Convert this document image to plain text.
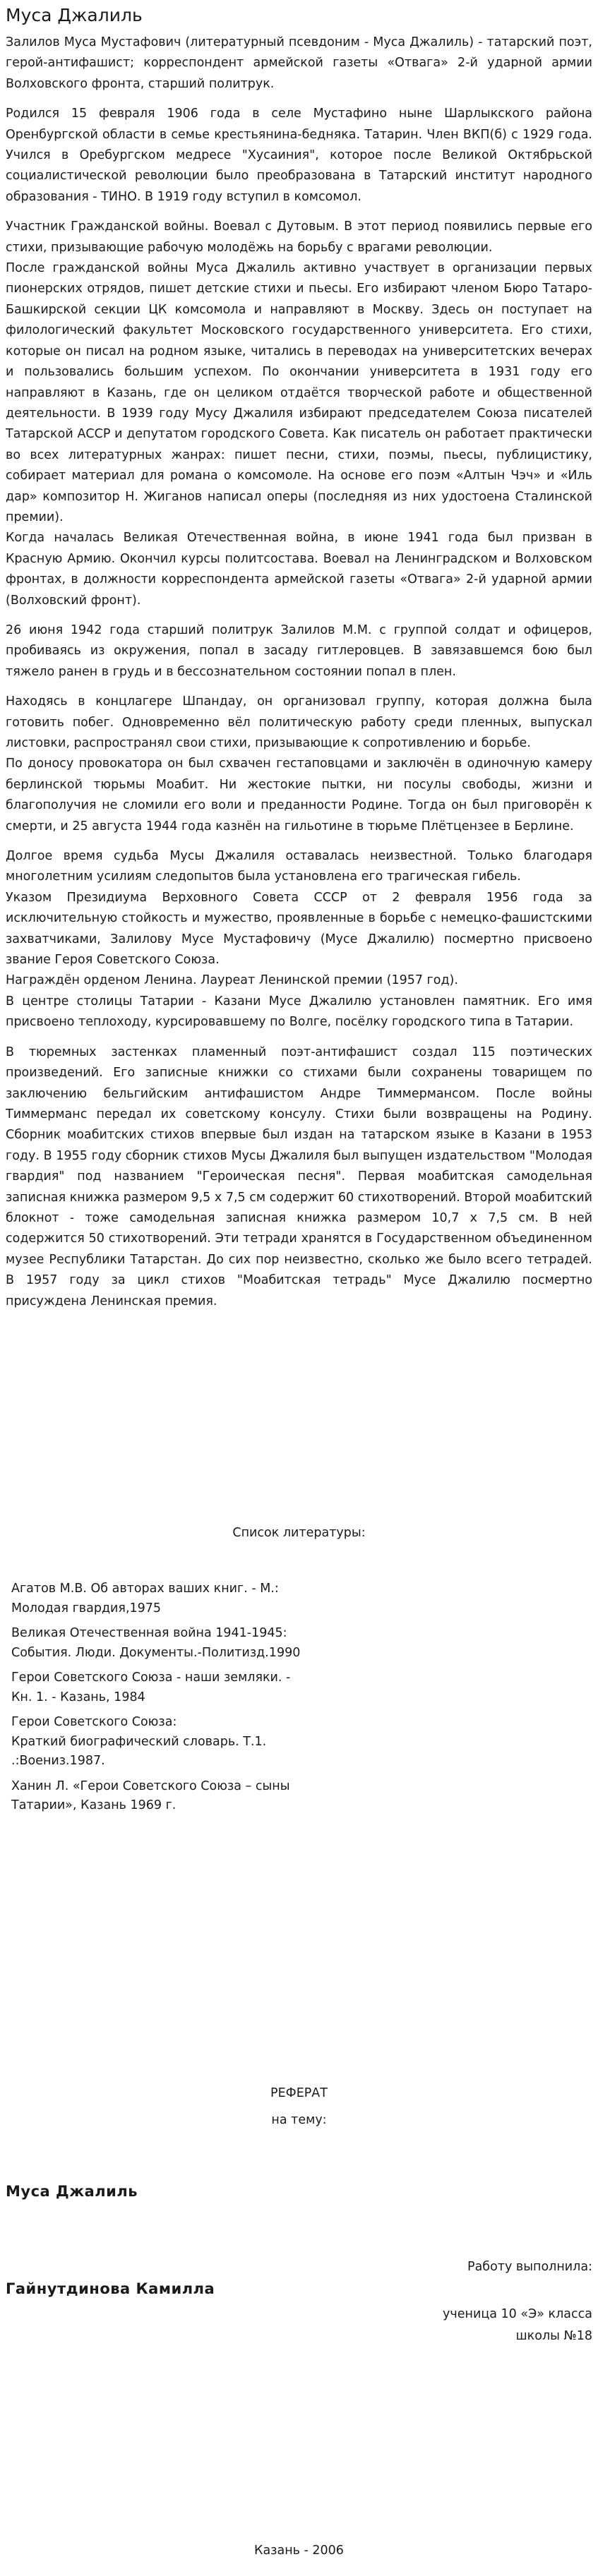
Муса Джалиль

Залилов Муса Мустафович (литературный псевдоним - Муса Джалиль) - татарский поэт, герой-антифашист; корреспондент армейской газеты «Отвага» 2-й ударной армии Волховского фронта, старший политрук.

Родился 15 февраля 1906 года в селе Мустафино ныне Шарлыкского района Оренбургской области в семье крестьянина-бедняка. Татарин. Член ВКП(б) с 1929 года. Учился в Оребургском медресе "Хусаиния", которое после Великой Октябрьской социалистической революции было преобразована в Татарский институт народного образования - ТИНО. В 1919 году вступил в комсомол.

Участник Гражданской войны. Воевал с Дутовым. В этот период появились первые его стихи, призывающие рабочую молодёжь на борьбу с врагами революции.
После гражданской войны Муса Джалиль активно участвует в организации первых пионерских отрядов, пишет детские стихи и пьесы. Его избирают членом Бюро Татаро-Башкирской секции ЦК комсомола и направляют в Москву. Здесь он поступает на филологический факультет Московского государственного университета. Его стихи, которые он писал на родном языке, читались в переводах на университетских вечерах и пользовались большим успехом. По окончании университета в 1931 году его направляют в Казань, где он целиком отдаётся творческой работе и общественной деятельности. В 1939 году Мусу Джалиля избирают председателем Союза писателей Татарской АССР и депутатом городского Совета. Как писатель он работает практически во всех литературных жанрах: пишет песни, стихи, поэмы, пьесы, публицистику, собирает материал для романа о комсомоле. На основе его поэм «Алтын Чэч» и «Иль дар» композитор Н. Жиганов написал оперы (последняя из них удостоена Сталинской премии).
Когда началась Великая Отечественная война, в июне 1941 года был призван в Красную Армию. Окончил курсы политсостава. Воевал на Ленинградском и Волховском фронтах, в должности корреспондента армейской газеты «Отвага» 2-й ударной армии (Волховский фронт).

26 июня 1942 года старший политрук Залилов М.М. с группой солдат и офицеров, пробиваясь из окружения, попал в засаду гитлеровцев. В завязавшемся бою был тяжело ранен в грудь и в бессознательном состоянии попал в плен.

Находясь в концлагере Шпандау, он организовал группу, которая должна была готовить побег. Одновременно вёл политическую работу среди пленных, выпускал листовки, распространял свои стихи, призывающие к сопротивлению и борьбе.
По доносу провокатора он был схвачен гестаповцами и заключён в одиночную камеру берлинской тюрьмы Моабит. Ни жестокие пытки, ни посулы свободы, жизни и благополучия не сломили его воли и преданности Родине. Тогда он был приговорён к смерти, и 25 августа 1944 года казнён на гильотине в тюрьме Плётцензее в Берлине.

Долгое время судьба Мусы Джалиля оставалась неизвестной. Только благодаря многолетним усилиям следопытов была установлена его трагическая гибель.
Указом Президиума Верховного Совета СССР от 2 февраля 1956 года за исключительную стойкость и мужество, проявленные в борьбе с немецко-фашистскими захватчиками, Залилову Мусе Мустафовичу (Мусе Джалилю) посмертно присвоено звание Героя Советского Союза.
Награждён орденом Ленина. Лауреат Ленинской премии (1957 год).
В центре столицы Татарии - Казани Мусе Джалилю установлен памятник. Его имя присвоено теплоходу, курсировавшему по Волге, посёлку городского типа в Татарии.

В тюремных застенках пламенный поэт-антифашист создал 115 поэтических произведений. Его записные книжки со стихами были сохранены товарищем по заключению бельгийским антифашистом Андре Тиммермансом. После войны Тиммерманс передал их советскому консулу. Стихи были возвращены на Родину. Сборник моабитских стихов впервые был издан на татарском языке в Казани в 1953 году. В 1955 году сборник стихов Мусы Джалиля был выпущен издательством "Молодая гвардия" под названием "Героическая песня". Первая моабитская самодельная записная книжка размером 9,5 х 7,5 см содержит 60 стихотворений. Второй моабитский блокнот - тоже самодельная записная книжка размером 10,7 х 7,5 см. В ней содержится 50 стихотворений. Эти тетради хранятся в Государственном объединенном музее Республики Татарстан. До сих пор неизвестно, сколько же было всего тетрадей. В 1957 году за цикл стихов "Моабитская тетрадь" Мусе Джалилю посмертно присуждена Ленинская премия.

Список литературы:
Агатов М.В. Об авторах ваших книг. - М.:
Молодая гвардия,1975
Великая Отечественная война 1941-1945:
События. Люди. Документы.-Политизд.1990
Герои Советского Союза - наши земляки. -
Кн. 1. - Казань, 1984
Герои Советского Союза:
Краткий биографический словарь. Т.1.
.:Воениз.1987.
Ханин Л. «Герои Советского Союза – сыны
Татарии», Казань 1969 г.
РЕФЕРАТ
на тему:
Муса Джалиль
Работу выполнила:
Гайнутдинова Камилла
ученица 10 «Э» класса
школы №18
Казань - 2006
